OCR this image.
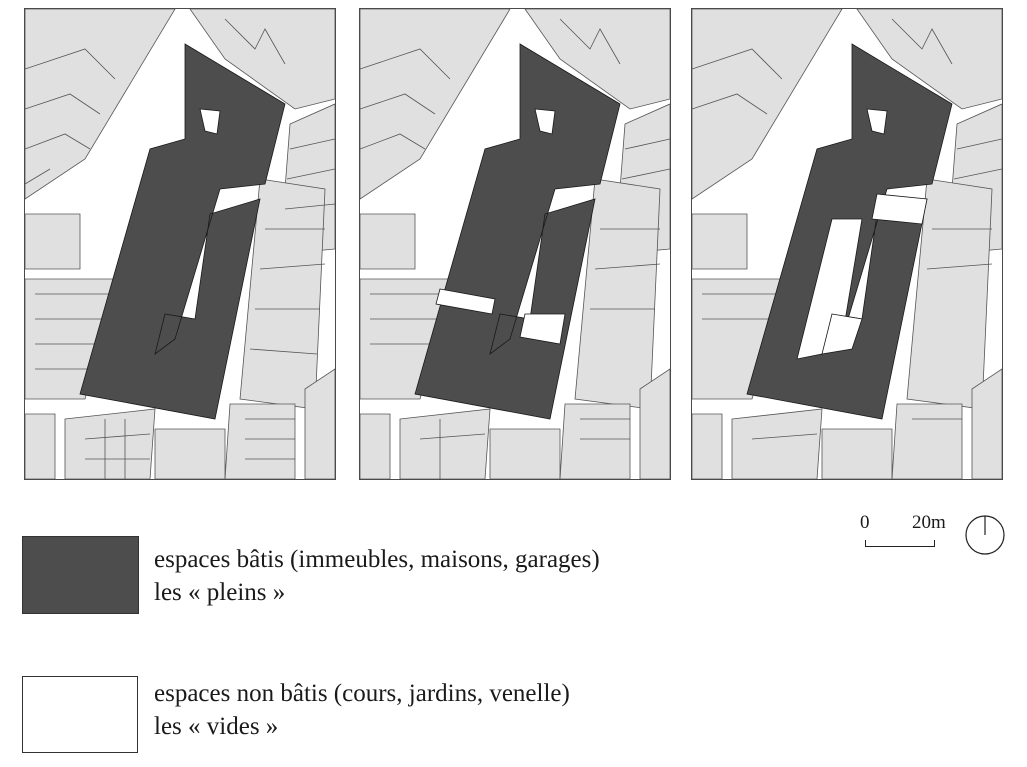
espaces bâtis (immeubles, maisons, garages)
les « pleins »
espaces non bâtis (cours, jardins, venelle)
les « vides »
0 20m
